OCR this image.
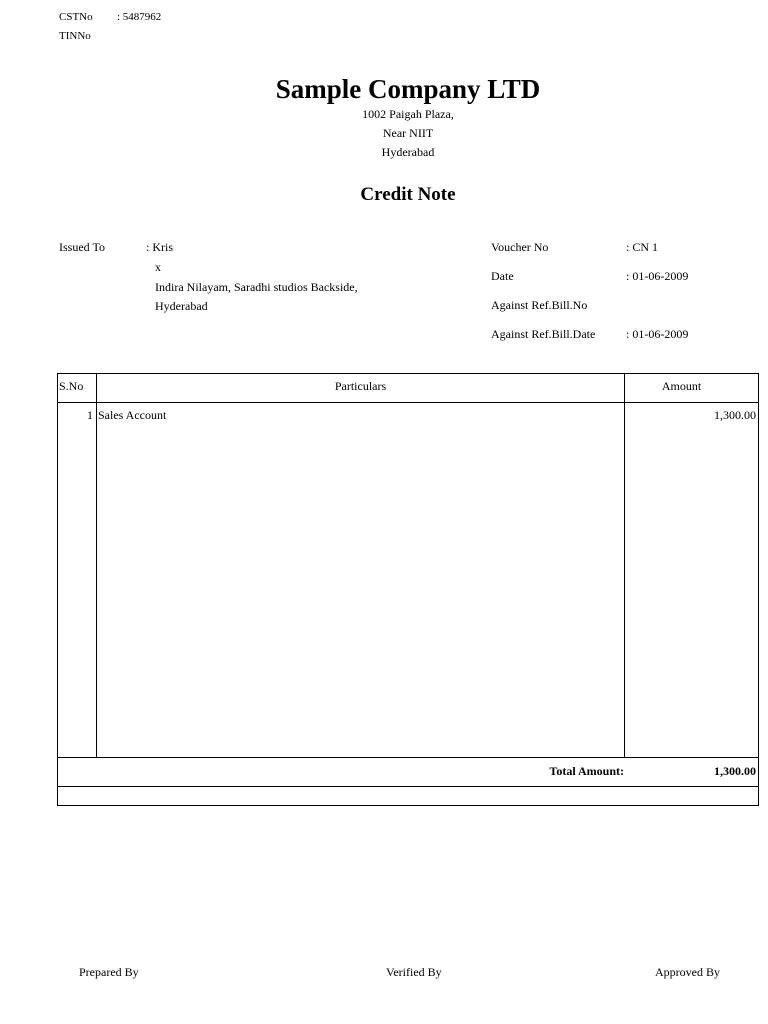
CSTNo : 5487962
TINNo
Sample Company LTD
1002 Paigah Plaza,
Near NIIT
Hyderabad
Credit Note
Issued To	: Kris
x
Indira Nilayam, Saradhi studios Backside,
Hyderabad
Voucher No	: CN 1
Date	: 01-06-2009
Against Ref.Bill.No
Against Ref.Bill.Date	: 01-06-2009
S.No	Particulars	Amount
1 Sales Account	1,300.00
Total Amount:	1,300.00
Prepared By	Verified By	Approved By
